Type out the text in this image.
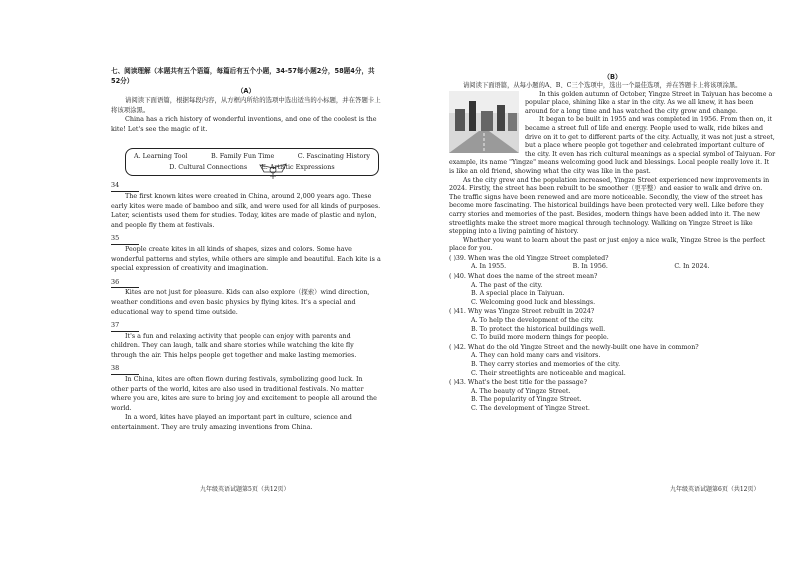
七、阅读理解（本题共有五个语篇，每篇后有五个小题，34-57每小题2分，58题4分，共52分）
（A）

请阅读下面语篇，根据每段内容，从方框内所给的选项中选出适当的小标题，并在答题卡上将该项涂黑。

China has a rich history of wonderful inventions, and one of the coolest is the kite! Let's see the magic of it.

A. Learning Tool	B. Family Fun Time	C. Fascinating History
D. Cultural Connections E. Artistic Expressions
34

The first known kites were created in China, around 2,000 years ago. These early kites were made of bamboo and silk, and were used for all kinds of purposes. Later, scientists used them for studies. Today, kites are made of plastic and nylon, and people fly them at festivals.

35

People create kites in all kinds of shapes, sizes and colors. Some have wonderful patterns and styles, while others are simple and beautiful. Each kite is a special expression of creativity and imagination.

36

Kites are not just for pleasure. Kids can also explore（探索）wind direction, weather conditions and even basic physics by flying kites. It's a special and educational way to spend time outside.

37

It's a fun and relaxing activity that people can enjoy with parents and children. They can laugh, talk and share stories while watching the kite fly through the air. This helps people get together and make lasting memories.

38

In China, kites are often flown during festivals, symbolizing good luck. In other parts of the world, kites are also used in traditional festivals. No matter where you are, kites are sure to bring joy and excitement to people all around the world.

In a word, kites have played an important part in culture, science and entertainment. They are truly amazing inventions from China.

九年级英语试题第5页（共12页）
（B）

请阅读下面语篇，从每小题的A、B、C三个选项中，选出一个最佳选项，并在答题卡上将该项涂黑。

In this golden autumn of October, Yingze Street in Taiyuan has become a popular place, shining like a star in the city. As we all knew, it has been around for a long time and has watched the city grow and change.

It began to be built in 1955 and was completed in 1956. From then on, it became a street full of life and energy. People used to walk, ride bikes and drive on it to get to different parts of the city. Actually, it was not just a street, but a place where people got together and celebrated important culture of the city. It even has rich cultural meanings as a special symbol of Taiyuan. For example, its name "Yingze" means welcoming good luck and blessings. Local people really love it. It is like an old friend, showing what the city was like in the past.

As the city grew and the population increased, Yingze Street experienced new improvements in 2024. Firstly, the street has been rebuilt to be smoother（更平整）and easier to walk and drive on. The traffic signs have been renewed and are more noticeable. Secondly, the view of the street has become more fascinating. The historical buildings have been protected very well. Like before they carry stories and memories of the past. Besides, modern things have been added into it. The new streetlights make the street more magical through technology. Walking on Yingze Street is like stepping into a living painting of history.

Whether you want to learn about the past or just enjoy a nice walk, Yingze Stree is the perfect place for you.

( )39. When was the old Yingze Street completed?
A. In 1955.	B. In 1956.	C. In 2024.
( )40. What does the name of the street mean?
A. The past of the city.
B. A special place in Taiyuan.
C. Welcoming good luck and blessings.
( )41. Why was Yingze Street rebuilt in 2024?
A. To help the development of the city.
B. To protect the historical buildings well.
C. To build more modern things for people.
( )42. What do the old Yingze Street and the newly-built one have in common?
A. They can hold many cars and visitors.
B. They carry stories and memories of the city.
C. Their streetlights are noticeable and magical.
( )43. What's the best title for the passage?
A. The beauty of Yingze Street.
B. The popularity of Yingze Street.
C. The development of Yingze Street.
九年级英语试题第6页（共12页）
